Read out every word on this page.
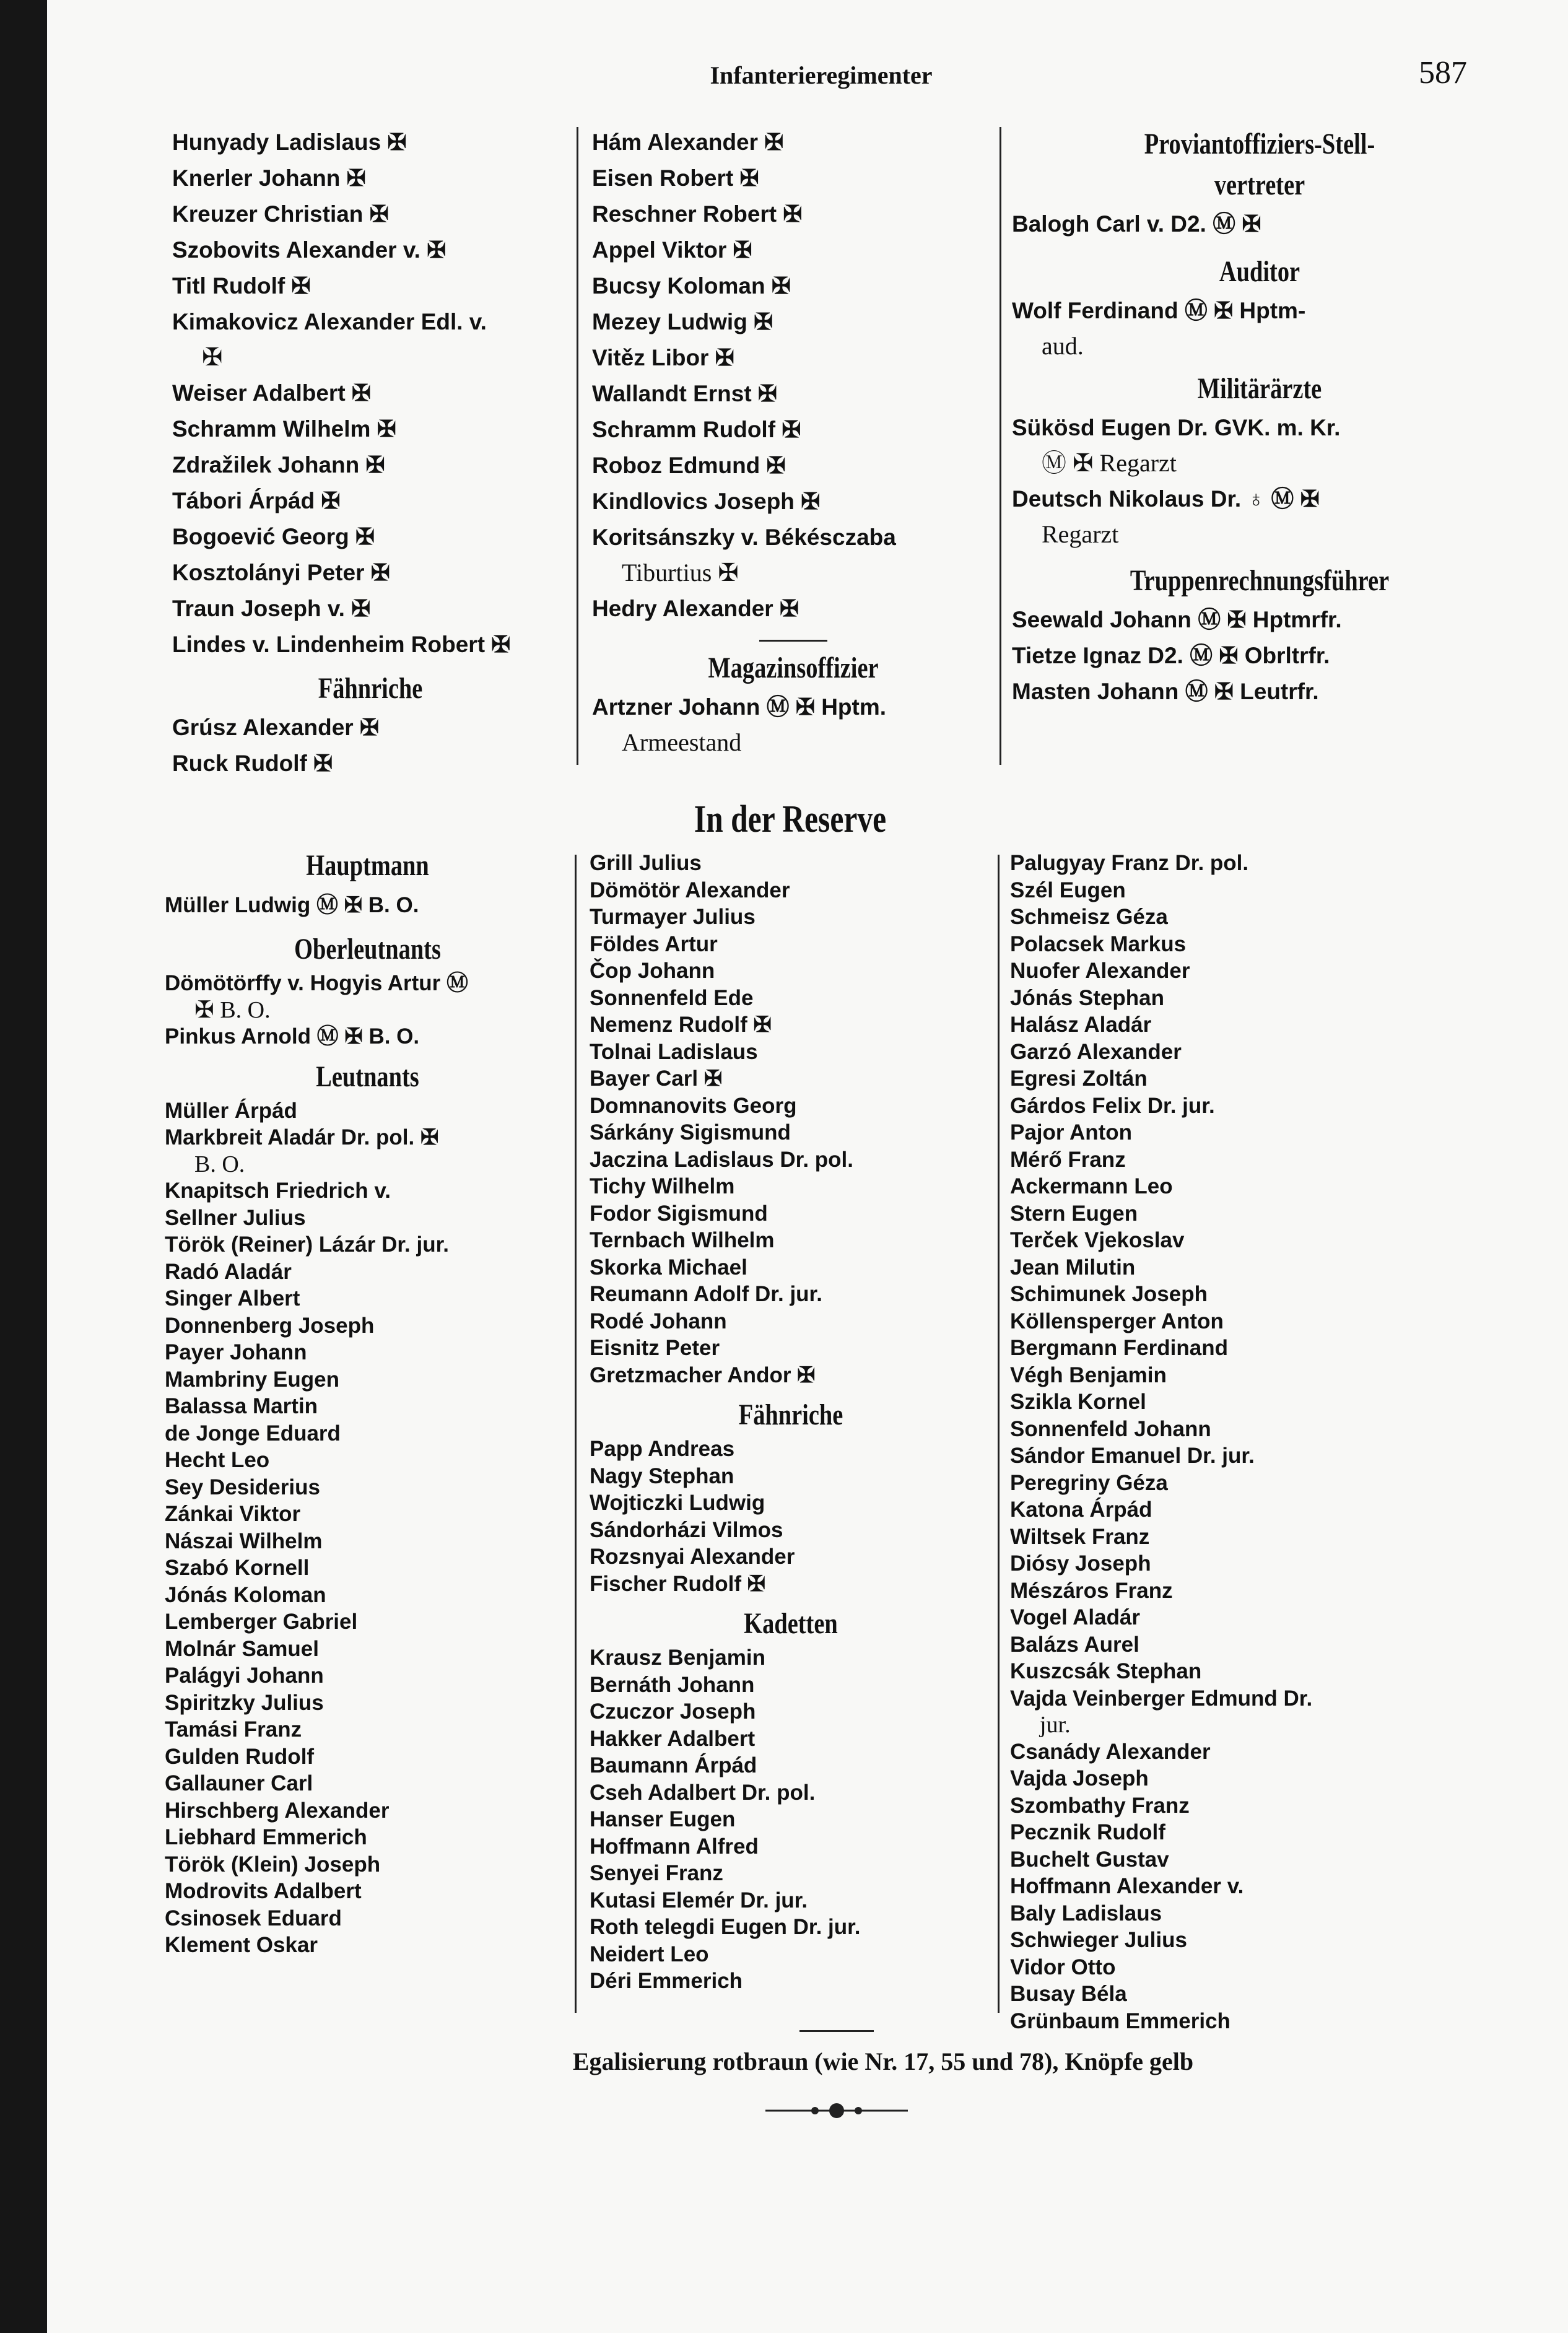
Infanterieregimenter	587
Hunyady Ladislaus ✠
Knerler Johann ✠
Kreuzer Christian ✠
Szobovits Alexander v. ✠
Titl Rudolf ✠
Kimakovicz Alexander Edl. v.
✠
Weiser Adalbert ✠
Schramm Wilhelm ✠
Zdražilek Johann ✠
Tábori Árpád ✠
Bogoević Georg ✠
Kosztolányi Peter ✠
Traun Joseph v. ✠
Lindes v. Lindenheim Robert ✠
Fähnriche
Grúsz Alexander ✠
Ruck Rudolf ✠
Hám Alexander ✠
Eisen Robert ✠
Reschner Robert ✠
Appel Viktor ✠
Bucsy Koloman ✠
Mezey Ludwig ✠
Vitěz Libor ✠
Wallandt Ernst ✠
Schramm Rudolf ✠
Roboz Edmund ✠
Kindlovics Joseph ✠
Koritsánszky v. Békésczaba
Tiburtius ✠
Hedry Alexander ✠
Magazinsoffizier
Artzner Johann Ⓜ ✠ Hptm.
Armeestand
Proviantoffiziers-Stell-
vertreter
Balogh Carl v. D2. Ⓜ ✠
Auditor
Wolf Ferdinand Ⓜ ✠ Hptm-
aud.
Militärärzte
Sükösd Eugen Dr. GVK. m. Kr.
Ⓜ ✠ Regarzt
Deutsch Nikolaus Dr. ♁ Ⓜ ✠
Regarzt
Truppenrechnungsführer
Seewald Johann Ⓜ ✠ Hptmrfr.
Tietze Ignaz D2. Ⓜ ✠ Obrltrfr.
Masten Johann Ⓜ ✠ Leutrfr.
In der Reserve
Hauptmann
Müller Ludwig Ⓜ ✠ B. O.
Oberleutnants
Dömötörffy v. Hogyis Artur Ⓜ
✠ B. O.
Pinkus Arnold Ⓜ ✠ B. O.
Leutnants
Müller Árpád
Markbreit Aladár Dr. pol. ✠
B. O.
Knapitsch Friedrich v.
Sellner Julius
Török (Reiner) Lázár Dr. jur.
Radó Aladár
Singer Albert
Donnenberg Joseph
Payer Johann
Mambriny Eugen
Balassa Martin
de Jonge Eduard
Hecht Leo
Sey Desiderius
Zánkai Viktor
Nászai Wilhelm
Szabó Kornell
Jónás Koloman
Lemberger Gabriel
Molnár Samuel
Palágyi Johann
Spiritzky Julius
Tamási Franz
Gulden Rudolf
Gallauner Carl
Hirschberg Alexander
Liebhard Emmerich
Török (Klein) Joseph
Modrovits Adalbert
Csinosek Eduard
Klement Oskar
Grill Julius
Dömötör Alexander
Turmayer Julius
Földes Artur
Čop Johann
Sonnenfeld Ede
Nemenz Rudolf ✠
Tolnai Ladislaus
Bayer Carl ✠
Domnanovits Georg
Sárkány Sigismund
Jaczina Ladislaus Dr. pol.
Tichy Wilhelm
Fodor Sigismund
Ternbach Wilhelm
Skorka Michael
Reumann Adolf Dr. jur.
Rodé Johann
Eisnitz Peter
Gretzmacher Andor ✠
Fähnriche
Papp Andreas
Nagy Stephan
Wojticzki Ludwig
Sándorházi Vilmos
Rozsnyai Alexander
Fischer Rudolf ✠
Kadetten
Krausz Benjamin
Bernáth Johann
Czuczor Joseph
Hakker Adalbert
Baumann Árpád
Cseh Adalbert Dr. pol.
Hanser Eugen
Hoffmann Alfred
Senyei Franz
Kutasi Elemér Dr. jur.
Roth telegdi Eugen Dr. jur.
Neidert Leo
Déri Emmerich
Palugyay Franz Dr. pol.
Szél Eugen
Schmeisz Géza
Polacsek Markus
Nuofer Alexander
Jónás Stephan
Halász Aladár
Garzó Alexander
Egresi Zoltán
Gárdos Felix Dr. jur.
Pajor Anton
Mérő Franz
Ackermann Leo
Stern Eugen
Terček Vjekoslav
Jean Milutin
Schimunek Joseph
Köllensperger Anton
Bergmann Ferdinand
Végh Benjamin
Szikla Kornel
Sonnenfeld Johann
Sándor Emanuel Dr. jur.
Peregriny Géza
Katona Árpád
Wiltsek Franz
Diósy Joseph
Mészáros Franz
Vogel Aladár
Balázs Aurel
Kuszcsák Stephan
Vajda Veinberger Edmund Dr.
jur.
Csanády Alexander
Vajda Joseph
Szombathy Franz
Pecznik Rudolf
Buchelt Gustav
Hoffmann Alexander v.
Baly Ladislaus
Schwieger Julius
Vidor Otto
Busay Béla
Grünbaum Emmerich
Egalisierung rotbraun (wie Nr. 17, 55 und 78), Knöpfe gelb
